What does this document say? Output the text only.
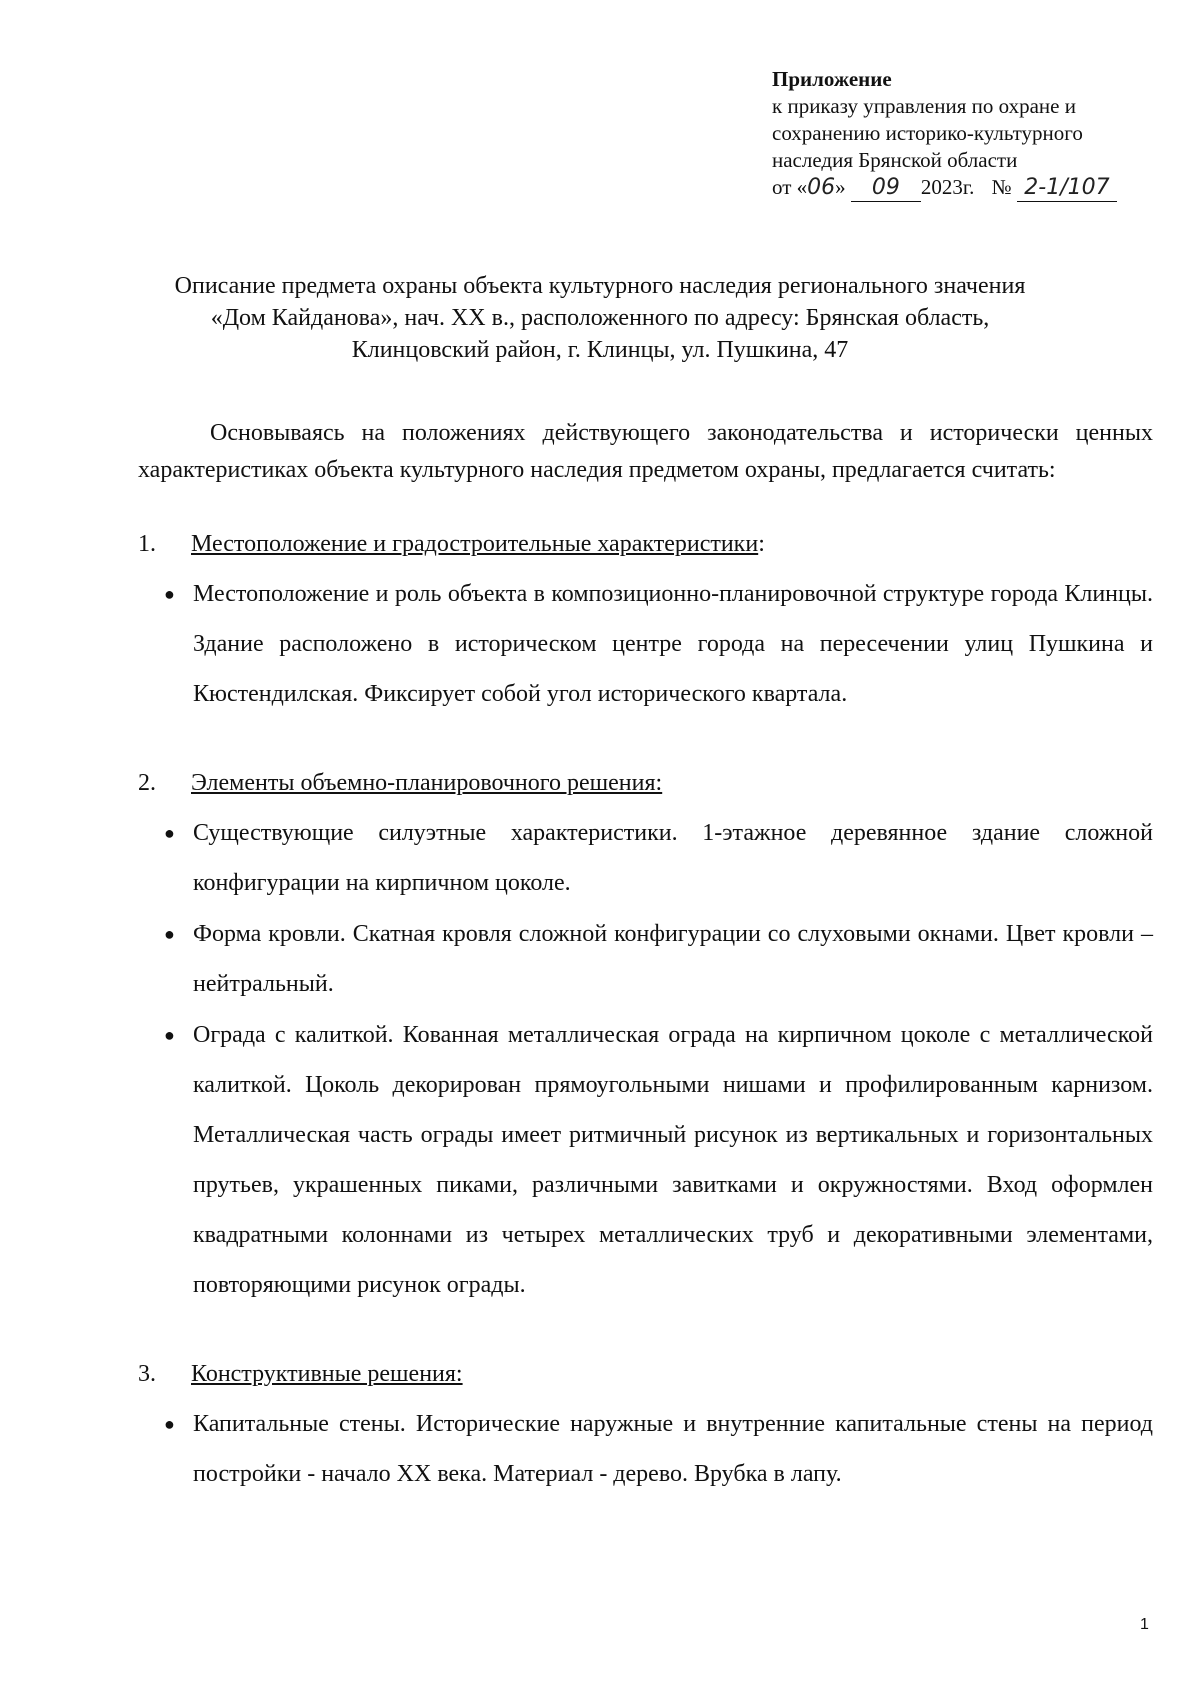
Приложение
к приказу управления по охране и
сохранению историко-культурного
наследия Брянской области
от «06» 09 2023г. № 2-1/107
Описание предмета охраны объекта культурного наследия регионального значения
«Дом Кайданова», нач. XX в., расположенного по адресу: Брянская область,
Клинцовский район, г. Клинцы, ул. Пушкина, 47
Основываясь на положениях действующего законодательства и исторически ценных характеристиках объекта культурного наследия предметом охраны, предлагается считать:
1.	Местоположение и градостроительные характеристики:
● Местоположение и роль объекта в композиционно-планировочной структуре города Клинцы. Здание расположено в историческом центре города на пересечении улиц Пушкина и Кюстендилская. Фиксирует собой угол исторического квартала.
2.	Элементы объемно-планировочного решения:
● Существующие силуэтные характеристики. 1-этажное деревянное здание сложной конфигурации на кирпичном цоколе.
● Форма кровли. Скатная кровля сложной конфигурации со слуховыми окнами. Цвет кровли – нейтральный.
● Ограда с калиткой. Кованная металлическая ограда на кирпичном цоколе с металлической калиткой. Цоколь декорирован прямоугольными нишами и профилированным карнизом. Металлическая часть ограды имеет ритмичный рисунок из вертикальных и горизонтальных прутьев, украшенных пиками, различными завитками и окружностями. Вход оформлен квадратными колоннами из четырех металлических труб и декоративными элементами, повторяющими рисунок ограды.
3.	Конструктивные решения:
● Капитальные стены. Исторические наружные и внутренние капитальные стены на период постройки - начало XX века. Материал - дерево. Врубка в лапу.
1
